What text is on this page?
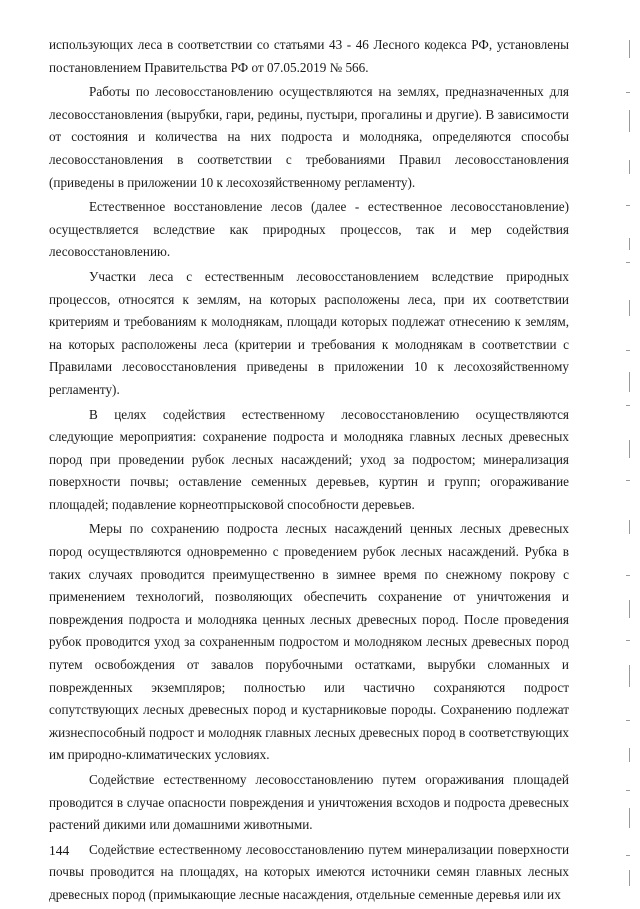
использующих леса в соответствии со статьями 43 - 46 Лесного кодекса РФ, установлены постановлением Правительства РФ от 07.05.2019 № 566.

Работы по лесовосстановлению осуществляются на землях, предназначенных для лесовосстановления (вырубки, гари, редины, пустыри, прогалины и другие). В зависимости от состояния и количества на них подроста и молодняка, определяются способы лесовосстановления в соответствии с требованиями Правил лесовосстановления (приведены в приложении 10 к лесохозяйственному регламенту).

Естественное восстановление лесов (далее - естественное лесовосстановление) осуществляется вследствие как природных процессов, так и мер содействия лесовосстановлению.

Участки леса с естественным лесовосстановлением вследствие природных процессов, относятся к землям, на которых расположены леса, при их соответствии критериям и требованиям к молоднякам, площади которых подлежат отнесению к землям, на которых расположены леса (критерии и требования к молоднякам в соответствии с Правилами лесовосстановления приведены в приложении 10 к лесохозяйственному регламенту).

В целях содействия естественному лесовосстановлению осуществляются следующие мероприятия: сохранение подроста и молодняка главных лесных древесных пород при проведении рубок лесных насаждений; уход за подростом; минерализация поверхности почвы; оставление семенных деревьев, куртин и групп; огораживание площадей; подавление корнеотпрысковой способности деревьев.

Меры по сохранению подроста лесных насаждений ценных лесных древесных пород осуществляются одновременно с проведением рубок лесных насаждений. Рубка в таких случаях проводится преимущественно в зимнее время по снежному покрову с применением технологий, позволяющих обеспечить сохранение от уничтожения и повреждения подроста и молодняка ценных лесных древесных пород. После проведения рубок проводится уход за сохраненным подростом и молодняком лесных древесных пород путем освобождения от завалов порубочными остатками, вырубки сломанных и поврежденных экземпляров; полностью или частично сохраняются подрост сопутствующих лесных древесных пород и кустарниковые породы. Сохранению подлежат жизнеспособный подрост и молодняк главных лесных древесных пород в соответствующих им природно-климатических условиях.

Содействие естественному лесовосстановлению путем огораживания площадей проводится в случае опасности повреждения и уничтожения всходов и подроста древесных растений дикими или домашними животными.

Содействие естественному лесовосстановлению путем минерализации поверхности почвы проводится на площадях, на которых имеются источники семян главных лесных древесных пород (примыкающие лесные насаждения, отдельные семенные деревья или их

144
